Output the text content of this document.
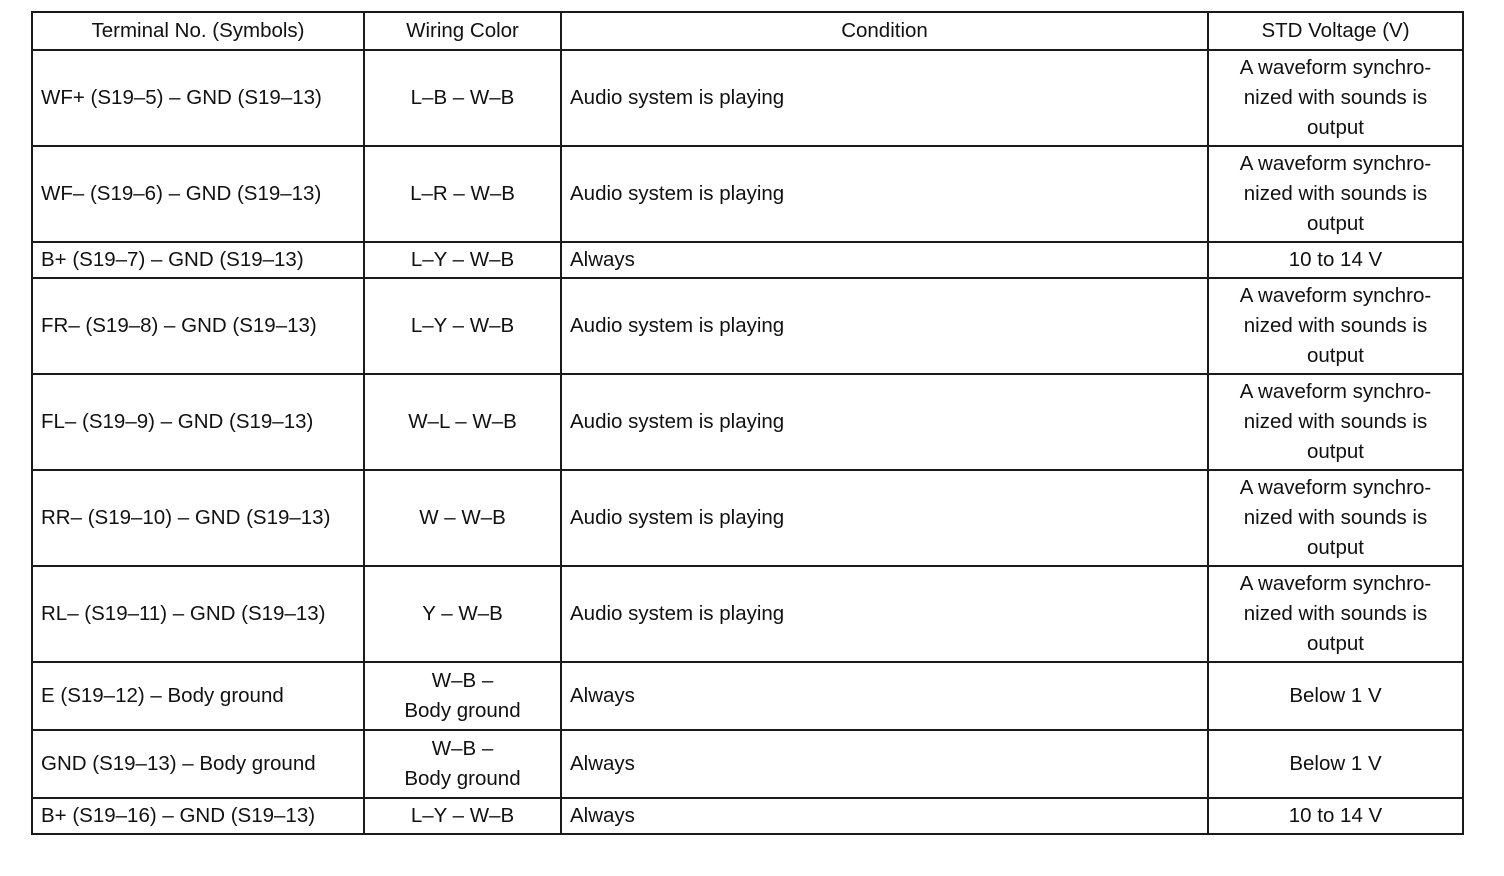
Terminal No. (Symbols)	Wiring Color	Condition	STD Voltage (V)
WF+ (S19–5) – GND (S19–13)	L–B – W–B	Audio system is playing	A waveform synchro-
nized with sounds is
output

WF– (S19–6) – GND (S19–13)	L–R – W–B	Audio system is playing	A waveform synchro-
nized with sounds is
output

B+ (S19–7) – GND (S19–13)	L–Y – W–B	Always	10 to 14 V

FR– (S19–8) – GND (S19–13)	L–Y – W–B	Audio system is playing	A waveform synchro-
nized with sounds is
output

FL– (S19–9) – GND (S19–13)	W–L – W–B	Audio system is playing	A waveform synchro-
nized with sounds is
output

RR– (S19–10) – GND (S19–13)	W – W–B	Audio system is playing	A waveform synchro-
nized with sounds is
output

RL– (S19–11) – GND (S19–13)	Y – W–B	Audio system is playing	A waveform synchro-
nized with sounds is
output

E (S19–12) – Body ground	W–B –
Body ground	Always	Below 1 V

GND (S19–13) – Body ground	W–B –
Body ground	Always	Below 1 V

B+ (S19–16) – GND (S19–13)	L–Y – W–B	Always	10 to 14 V
